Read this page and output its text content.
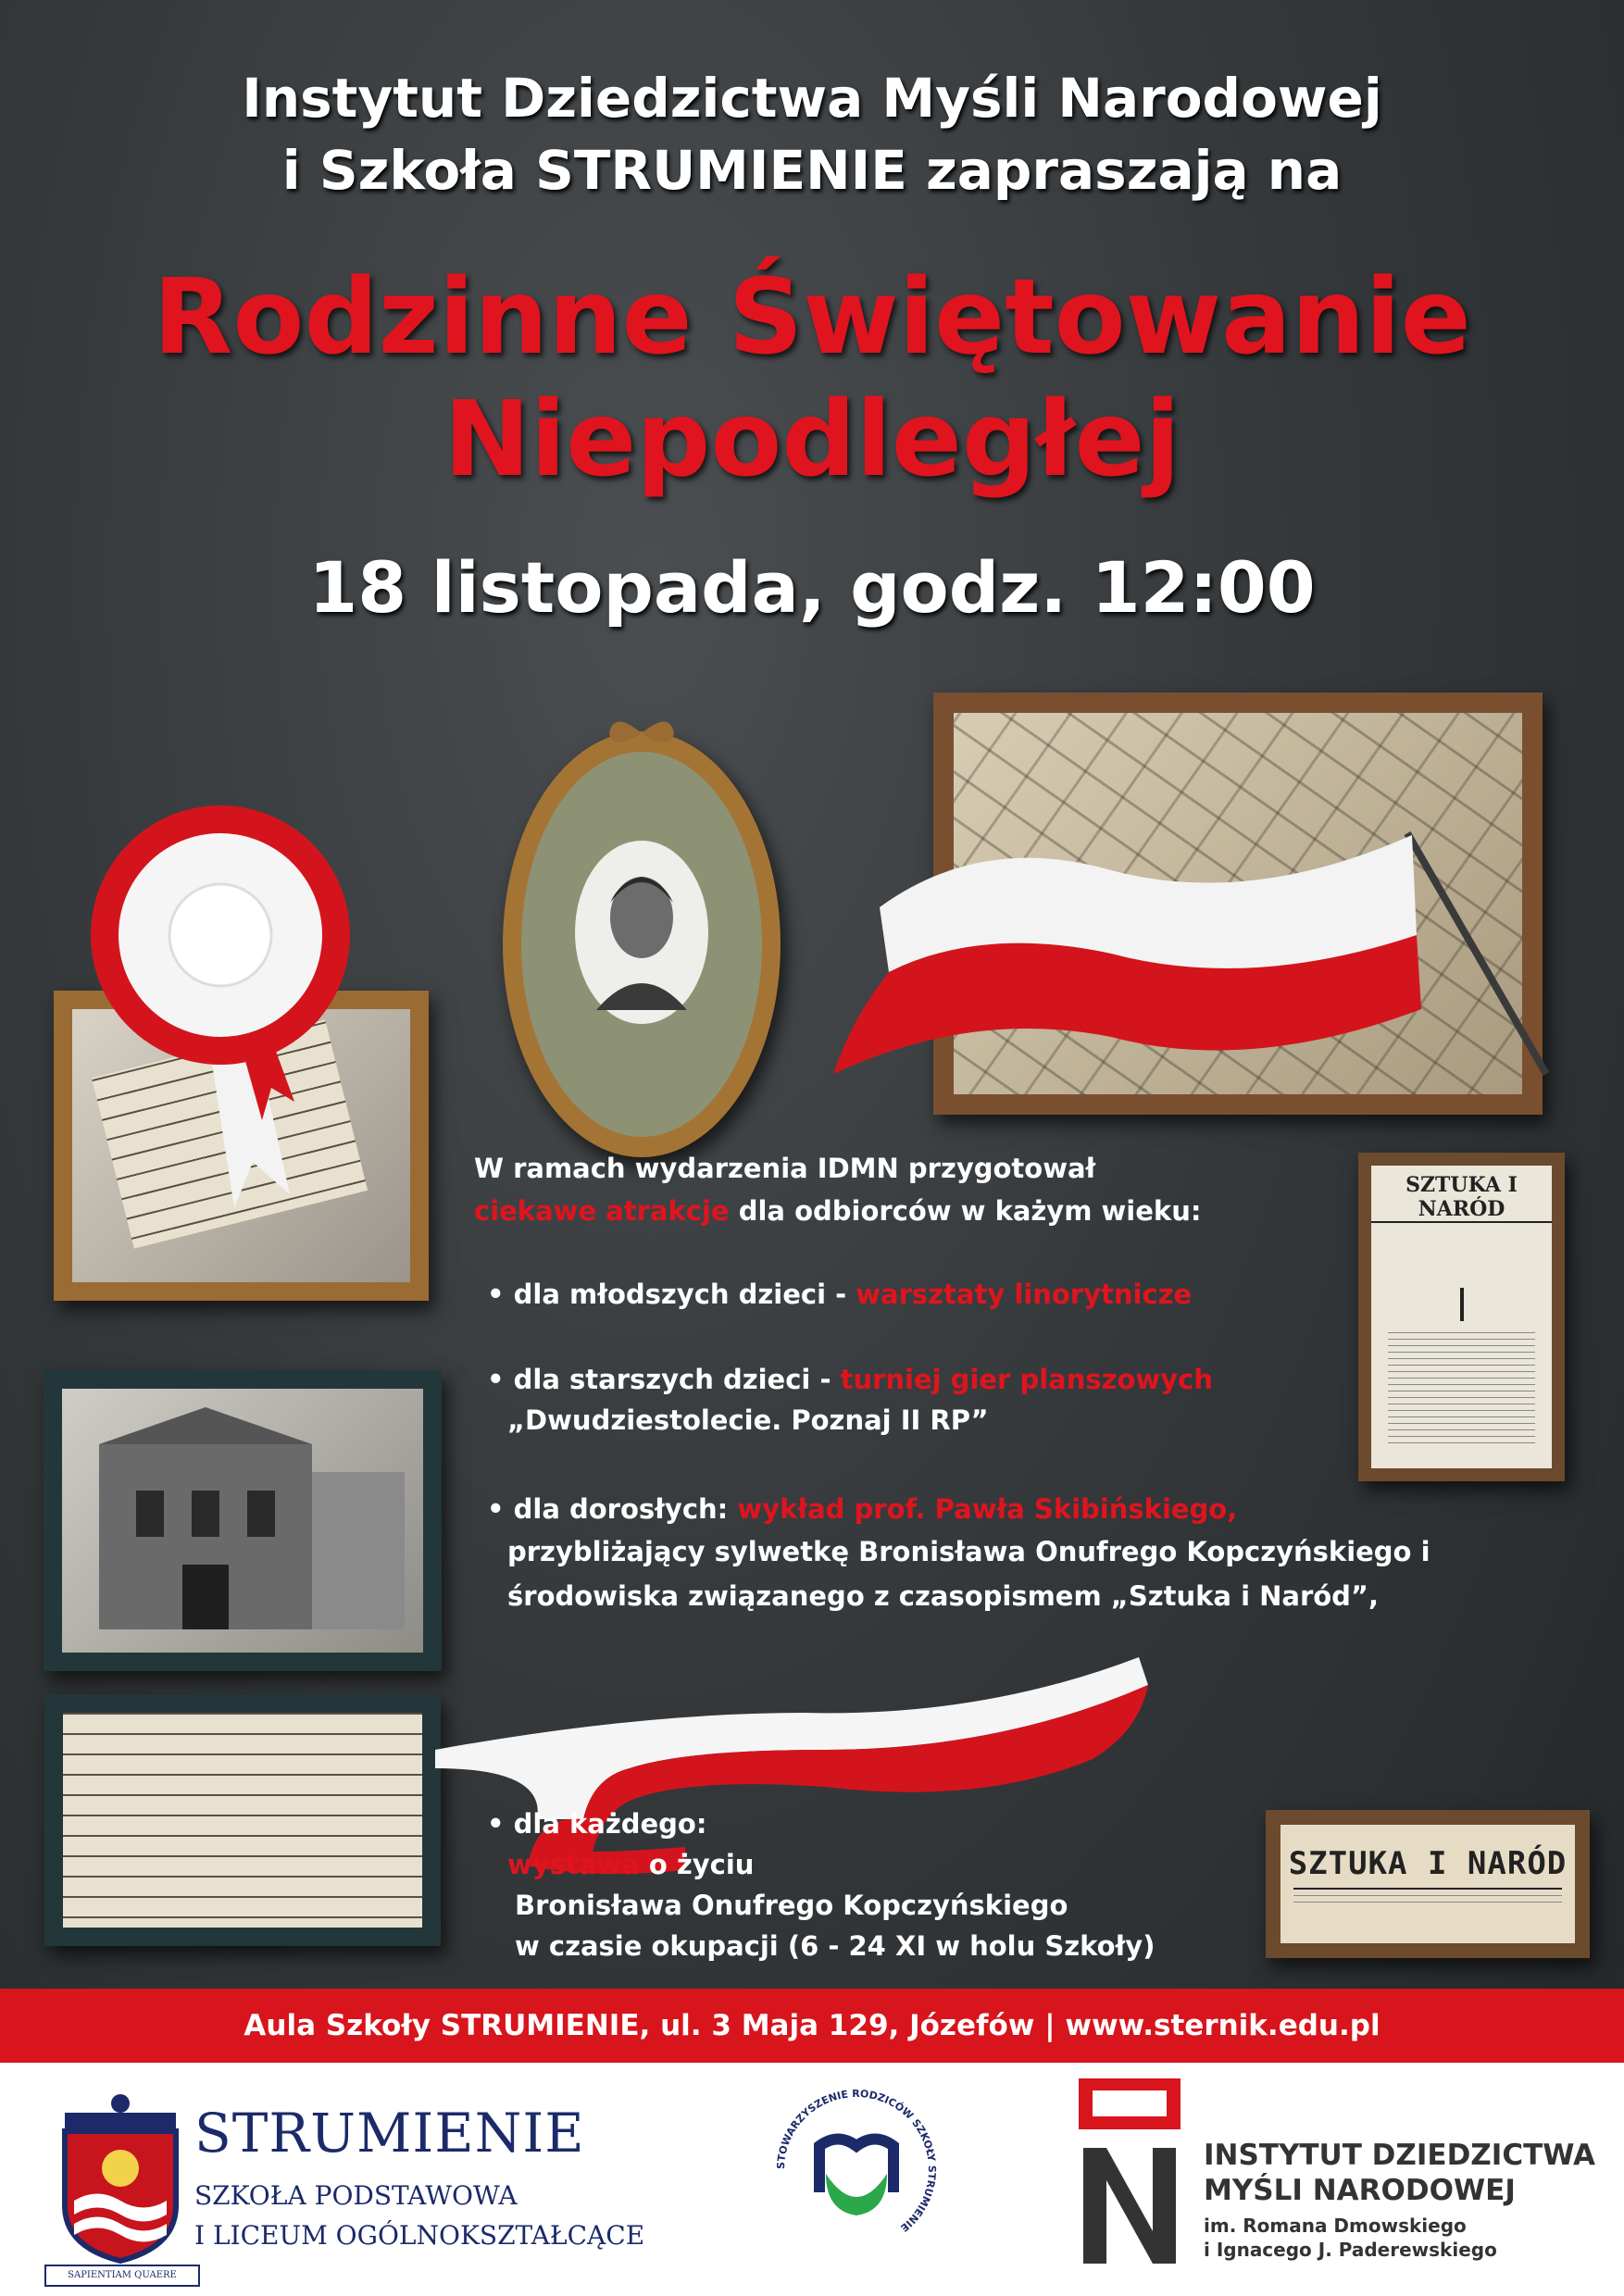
Instytut Dziedzictwa Myśli Narodowej
i Szkoła STRUMIENIE zapraszają na
Rodzinne Świętowanie
Niepodległej
18 listopada, godz. 12:00
SZTUKA I NARÓD
SZTUKA I NARÓD
W ramach wydarzenia IDMN przygotował
ciekawe atrakcje dla odbiorców w każym wieku:
• dla młodszych dzieci - warsztaty linorytnicze
• dla starszych dzieci - turniej gier planszowych
„Dwudziestolecie. Poznaj II RP”
• dla dorosłych: wykład prof. Pawła Skibińskiego,
przybliżający sylwetkę Bronisława Onufrego Kopczyńskiego i
środowiska związanego z czasopismem „Sztuka i Naród”,
• dla każdego:
wystawa o życiu
Bronisława Onufrego Kopczyńskiego
w czasie okupacji (6 - 24 XI w holu Szkoły)
Aula Szkoły STRUMIENIE, ul. 3 Maja 129, Józefów | www.sternik.edu.pl
SAPIENTIAM QUAERE
STRUMIENIE
SZKOŁA PODSTAWOWA
I LICEUM OGÓLNOKSZTAŁCĄCE
STOWARZYSZENIE RODZICÓW SZKOŁY STRUMIENIE
INSTYTUT DZIEDZICTWA
MYŚLI NARODOWEJ
im. Romana Dmowskiego
i Ignacego J. Paderewskiego
